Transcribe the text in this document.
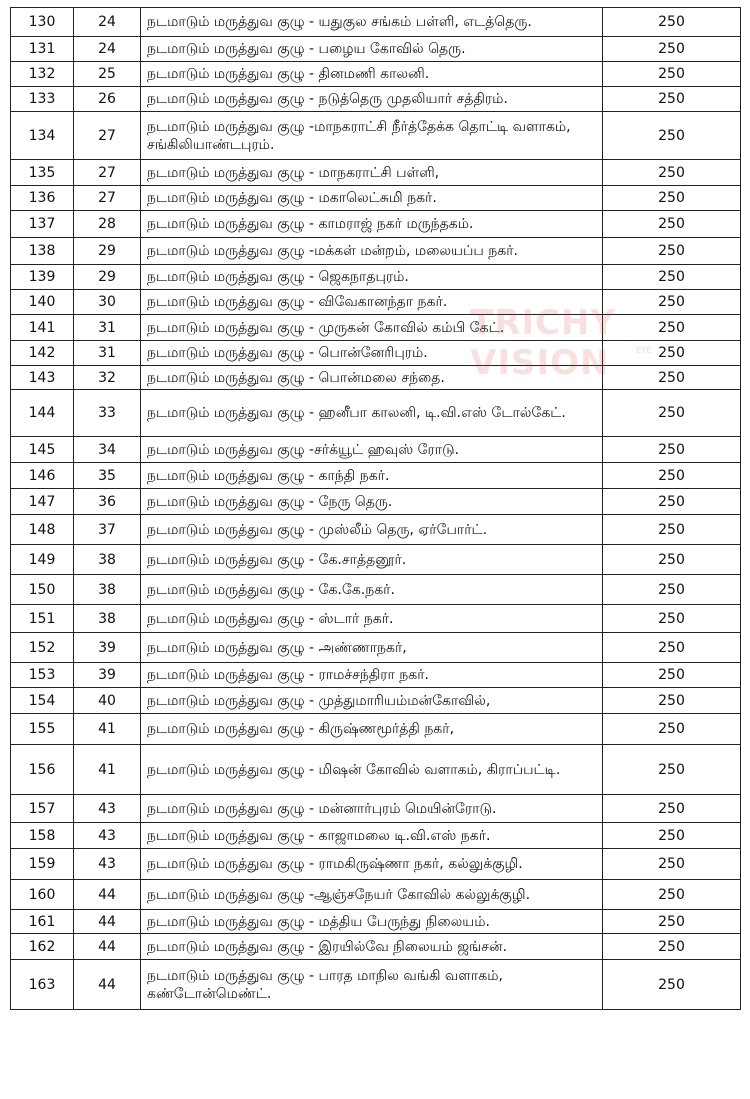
130	24	நடமாடும் மருத்துவ குழு - யதுகுல சங்கம் பள்ளி, எடத்தெரு.	250
131	24	நடமாடும் மருத்துவ குழு - பழைய கோவில் தெரு.	250
132	25	நடமாடும் மருத்துவ குழு - தினமணி காலனி.	250
133	26	நடமாடும் மருத்துவ குழு - நடுத்தெரு முதலியார் சத்திரம்.	250
134	27	நடமாடும் மருத்துவ குழு -மாநகராட்சி நீர்த்தேக்க தொட்டி வளாகம், சங்கிலியாண்டபுரம்.	250
135	27	நடமாடும் மருத்துவ குழு - மாநகராட்சி பள்ளி,	250
136	27	நடமாடும் மருத்துவ குழு - மகாலெட்சுமி நகர்.	250
137	28	நடமாடும் மருத்துவ குழு - காமராஜ் நகர் மருந்தகம்.	250
138	29	நடமாடும் மருத்துவ குழு -மக்கள் மன்றம், மலையப்ப நகர்.	250
139	29	நடமாடும் மருத்துவ குழு - ஜெகநாதபுரம்.	250
140	30	நடமாடும் மருத்துவ குழு - விவேகானந்தா நகர்.	250
141	31	நடமாடும் மருத்துவ குழு - முருகன் கோவில் கம்பி கேட்.	250
142	31	நடமாடும் மருத்துவ குழு - பொன்னேரிபுரம்.	250
143	32	நடமாடும் மருத்துவ குழு - பொன்மலை சந்தை.	250
144	33	நடமாடும் மருத்துவ குழு - ஹனீபா காலனி, டி.வி.எஸ் டோல்கேட்.	250
145	34	நடமாடும் மருத்துவ குழு -சர்க்யூட் ஹவுஸ் ரோடு.	250
146	35	நடமாடும் மருத்துவ குழு - காந்தி நகர்.	250
147	36	நடமாடும் மருத்துவ குழு - நேரு தெரு.	250
148	37	நடமாடும் மருத்துவ குழு - முஸ்லீம் தெரு, ஏர்போர்ட்.	250
149	38	நடமாடும் மருத்துவ குழு - கே.சாத்தனூர்.	250
150	38	நடமாடும் மருத்துவ குழு - கே.கே.நகர்.	250
151	38	நடமாடும் மருத்துவ குழு - ஸ்டார் நகர்.	250
152	39	நடமாடும் மருத்துவ குழு - அண்ணாநகர்,	250
153	39	நடமாடும் மருத்துவ குழு - ராமச்சந்திரா நகர்.	250
154	40	நடமாடும் மருத்துவ குழு - முத்துமாரியம்மன்கோவில்,	250
155	41	நடமாடும் மருத்துவ குழு - கிருஷ்ணமூர்த்தி நகர்,	250
156	41	நடமாடும் மருத்துவ குழு - மிஷன் கோவில் வளாகம், கிராப்பட்டி.	250
157	43	நடமாடும் மருத்துவ குழு - மன்னார்புரம் மெயின்ரோடு.	250
158	43	நடமாடும் மருத்துவ குழு - காஜாமலை டி.வி.எஸ் நகர்.	250
159	43	நடமாடும் மருத்துவ குழு - ராமகிருஷ்ணா நகர், கல்லுக்குழி.	250
160	44	நடமாடும் மருத்துவ குழு -ஆஞ்சநேயர் கோவில் கல்லுக்குழி.	250
161	44	நடமாடும் மருத்துவ குழு - மத்திய பேருந்து நிலையம்.	250
162	44	நடமாடும் மருத்துவ குழு - இரயில்வே நிலையம் ஜங்சன்.	250
163	44	நடமாடும் மருத்துவ குழு - பாரத மாநில வங்கி வளாகம், கண்டோன்மெண்ட்.	250
TRICHY VISION	EYE
